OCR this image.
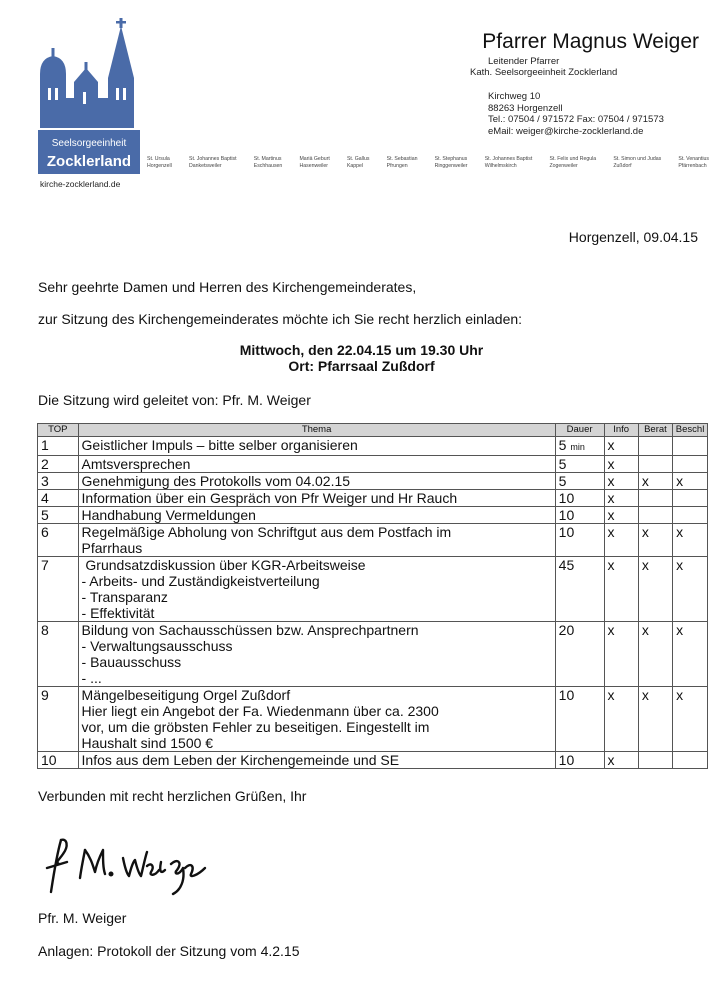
Seelsorgeeinheit
Zocklerland
kirche-zocklerland.de
St. Ursula
Horgenzell
St. Johannes Baptist
Danketsweiler
St. Martinus
Eschhausen
Mariä Geburt
Hasenweiler
St. Gallus
Kappel
St. Sebastian
Pfrungen
St. Stephanus
Ringgenweiler
St. Johannes Baptist
Wilhelmskirch
St. Felix und Regula
Zogenweiler
St. Simon und Judas
Zußdorf
St. Venantius
Pfärrenbach
Pfarrer Magnus Weiger
Leitender Pfarrer
Kath. Seelsorgeeinheit Zocklerland
Kirchweg 10
88263 Horgenzell
Tel.: 07504 / 971572 Fax: 07504 / 971573
eMail: weiger@kirche-zocklerland.de
Horgenzell, 09.04.15
Sehr geehrte Damen und Herren des Kirchengemeinderates,
zur Sitzung des Kirchengemeinderates möchte ich Sie recht herzlich einladen:
Mittwoch, den 22.04.15 um 19.30 Uhr
Ort: Pfarrsaal Zußdorf
Die Sitzung wird geleitet von: Pfr. M. Weiger
TOP	Thema	Dauer	Info	Berat	Beschl
1	Geistlicher Impuls – bitte selber organisieren	5 min	x		
2	Amtsversprechen	5	x		
3	Genehmigung des Protokolls vom 04.02.15	5	x	x	x
4	Information über ein Gespräch von Pfr Weiger und Hr Rauch	10	x		
5	Handhabung Vermeldungen	10	x		
6	Regelmäßige Abholung von Schriftgut aus dem Postfach im
Pfarrhaus	10	x	x	x
7	Grundsatzdiskussion über KGR-Arbeitsweise
- Arbeits- und Zuständigkeistverteilung
- Transparanz
- Effektivität	45	x	x	x
8	Bildung von Sachausschüssen bzw. Ansprechpartnern
- Verwaltungsausschuss
- Bauausschuss
- ...	20	x	x	x
9	Mängelbeseitigung Orgel Zußdorf
Hier liegt ein Angebot der Fa. Wiedenmann über ca. 2300
vor, um die gröbsten Fehler zu beseitigen. Eingestellt im
Haushalt sind 1500 €	10	x	x	x
10	Infos aus dem Leben der Kirchengemeinde und SE	10	x		
Verbunden mit recht herzlichen Grüßen, Ihr
Pfr. M. Weiger
Anlagen: Protokoll der Sitzung vom 4.2.15
